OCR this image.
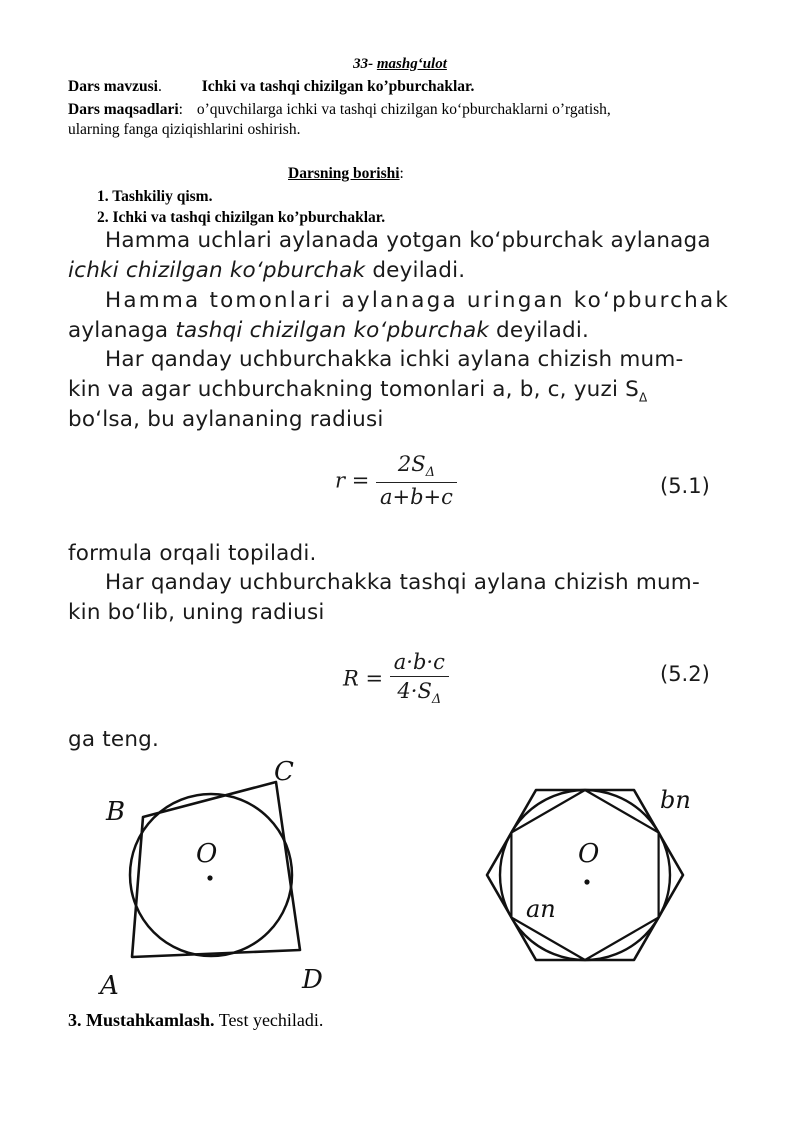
33- mashg‘ulot
Dars mavzusi.	Ichki va tashqi chizilgan ko’pburchaklar.
Dars maqsadlari: o’quvchilarga ichki va tashqi chizilgan ko‘pburchaklarni o’rgatish,
ularning fanga qiziqishlarini oshirish.
Darsning borishi:
1. Tashkiliy qism.
2. Ichki va tashqi chizilgan ko’pburchaklar.
Hamma uchlari aylanada yotgan ko‘pburchak aylanaga
ichki chizilgan ko‘pburchak deyiladi.
Hamma tomonlari aylanaga uringan ko‘pburchak
aylanaga tashqi chizilgan ko‘pburchak deyiladi.
Har qanday uchburchakka ichki aylana chizish mum-
kin va agar uchburchakning tomonlari a, b, c, yuzi $S_\Delta$
bo‘lsa, bu aylananing radiusi
$r = \frac{2S_\Delta}{a+b+c}$	(5.1)
formula orqali topiladi.
Har qanday uchburchakka tashqi aylana chizish mum-
kin bo‘lib, uning radiusi
$R = \frac{a\cdot b\cdot c}{4\cdot S_\Delta}$	(5.2)
ga teng.
B
C
A	D
O	O
bn
an
3. Mustahkamlash. Test yechiladi.
